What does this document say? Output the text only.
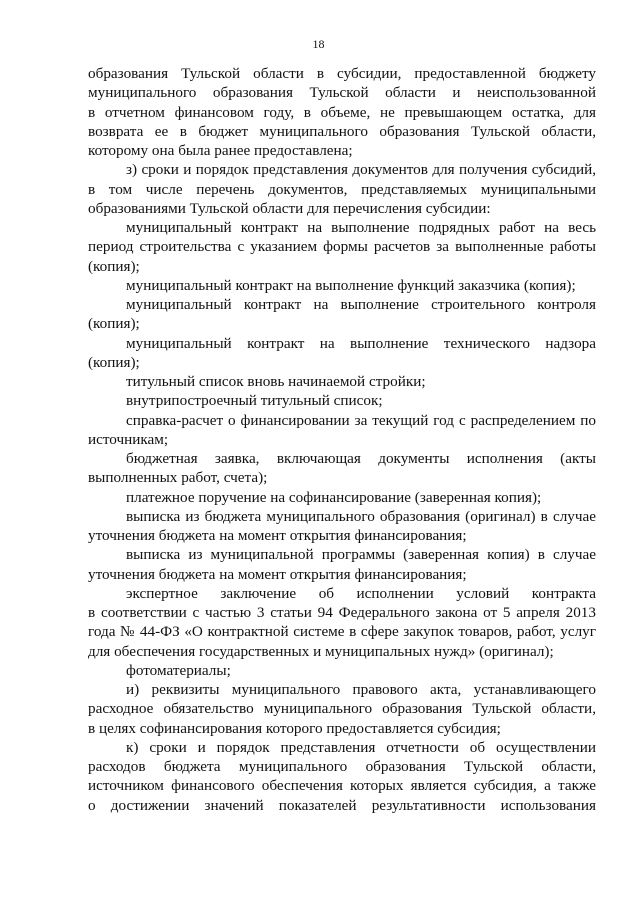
18
образования Тульской области в субсидии, предоставленной бюджету
муниципального образования Тульской области и неиспользованной
в отчетном финансовом году, в объеме, не превышающем остатка, для
возврата ее в бюджет муниципального образования Тульской области,
которому она была ранее предоставлена;
з) сроки и порядок представления документов для получения субсидий,
в том числе перечень документов, представляемых муниципальными
образованиями Тульской области для перечисления субсидии:
муниципальный контракт на выполнение подрядных работ на весь
период строительства с указанием формы расчетов за выполненные работы
(копия);
муниципальный контракт на выполнение функций заказчика (копия);
муниципальный контракт на выполнение строительного контроля
(копия);
муниципальный контракт на выполнение технического надзора
(копия);
титульный список вновь начинаемой стройки;
внутрипостроечный титульный список;
справка-расчет о финансировании за текущий год с распределением по
источникам;
бюджетная заявка, включающая документы исполнения (акты
выполненных работ, счета);
платежное поручение на софинансирование (заверенная копия);
выписка из бюджета муниципального образования (оригинал) в случае
уточнения бюджета на момент открытия финансирования;
выписка из муниципальной программы (заверенная копия) в случае
уточнения бюджета на момент открытия финансирования;
экспертное заключение об исполнении условий контракта
в соответствии с частью 3 статьи 94 Федерального закона от 5 апреля 2013
года № 44-ФЗ «О контрактной системе в сфере закупок товаров, работ, услуг
для обеспечения государственных и муниципальных нужд» (оригинал);
фотоматериалы;
и) реквизиты муниципального правового акта, устанавливающего
расходное обязательство муниципального образования Тульской области,
в целях софинансирования которого предоставляется субсидия;
к) сроки и порядок представления отчетности об осуществлении
расходов бюджета муниципального образования Тульской области,
источником финансового обеспечения которых является субсидия, а также
о достижении значений показателей результативности использования
